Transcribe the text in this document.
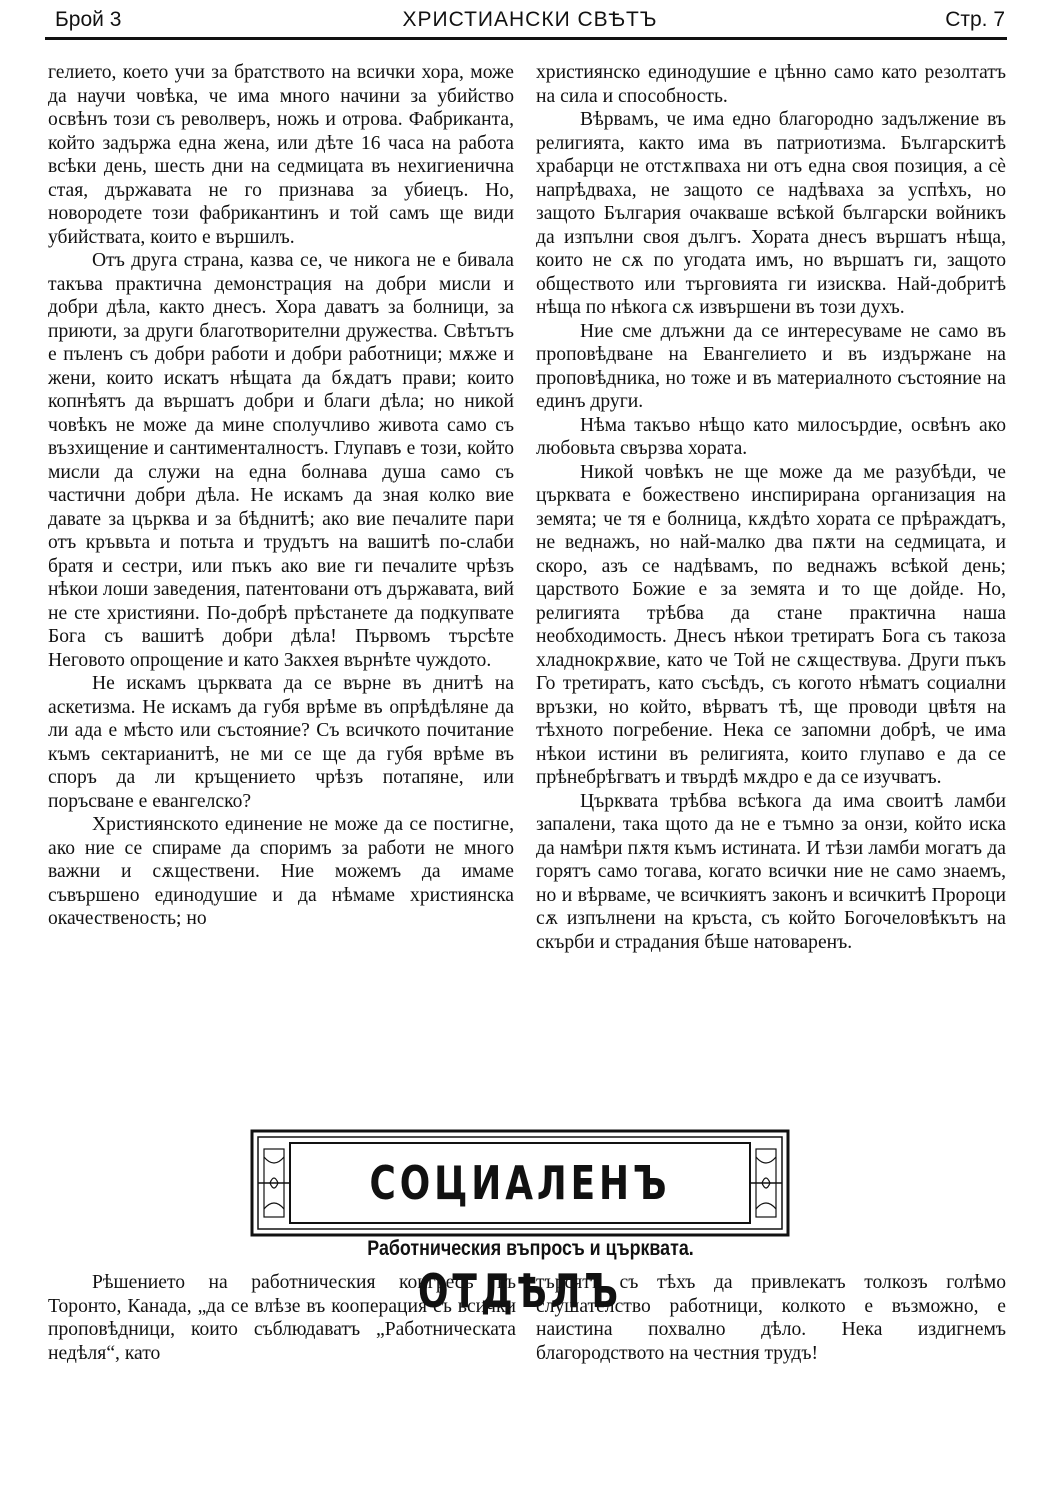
Брой 3	ХРИСТИАНСКИ СВѢТЪ	Стр. 7

гелието, което учи за братството на всички хора, може да научи човѣка, че има много начини за убийство освѣнъ този съ револверъ, ножь и отрова. Фабриканта, който задържа една жена, или дѣте 16 часа на работа всѣки день, шесть дни на седмицата въ нехигиенична стая, държавата не го признава за убиецъ. Но, новородете този фабрикантинъ и той самъ ще види убийствата, които е вършилъ.

Отъ друга страна, казва се, че никога не е бивала такъва практична демонстрация на добри мисли и добри дѣла, както днесъ. Хора даватъ за болници, за приюти, за други благотворителни дружества. Свѣтътъ е пъленъ съ добри работи и добри работници; мѫже и жени, които искатъ нѣщата да бѫдатъ прави; които копнѣятъ да вършатъ добри и благи дѣла; но никой човѣкъ не може да мине сполучливо живота само съ възхищение и сантименталностъ. Глупавъ е този, който мисли да служи на една болнава душа само съ частични добри дѣла. Не искамъ да зная колко вие давате за църква и за бѣднитѣ; ако вие печалите пари отъ кръвьта и потьта и трудътъ на вашитѣ по-слаби братя и сестри, или пъкъ ако вие ги печалите чрѣзъ нѣкои лоши заведения, патентовани отъ държавата, вий не сте християни. По-добрѣ прѣстанете да подкупвате Бога съ вашитѣ добри дѣла! Първомъ търсѣте Неговото опрощение и като Закхея върнѣте чуждото.

Не искамъ църквата да се върне въ днитѣ на аскетизма. Не искамъ да губя врѣме въ опрѣдѣляне да ли ада е мѣсто или състояние? Съ всичкото почитание къмъ сектарианитѣ, не ми се ще да губя врѣме въ споръ да ли кръщението чрѣзъ потапяне, или поръсване е евангелско?

Християнското единение не може да се постигне, ако ние се спираме да споримъ за работи не много важни и сѫществени. Ние можемъ да имаме съвършено единодушие и да нѣмаме християнска окачественость; но

християнско единодушие е цѣнно само като резолтатъ на сила и способность.

Вѣрвамъ, че има едно благородно задължение въ религията, както има въ патриотизма. Българскитѣ храбарци не отстѫпваха ни отъ една своя позиция, а сѐ напрѣдваха, не защото се надѣваха за успѣхъ, но защото България очакваше всѣкой български войникъ да изпълни своя дългъ. Хората днесъ вършатъ нѣща, които не сѫ по угодата имъ, но вършатъ ги, защото обществото или търговията ги изисква. Най-добритѣ нѣща по нѣкога сѫ извършени въ този духъ.

Ние сме длъжни да се интересуваме не само въ проповѣдване на Евангелието и въ издържане на проповѣдника, но тоже и въ материалното състояние на единъ други.

Нѣма такъво нѣщо като милосърдие, освѣнъ ако любовьта свързва хората.

Никой човѣкъ не ще може да ме разубѣди, че църквата е божествено инспирирана организация на земята; че тя е болница, кѫдѣто хората се прѣраждатъ, не веднажъ, но най-малко два пѫти на седмицата, и скоро, азъ се надѣвамъ, по веднажъ всѣкой день; царството Божие е за земята и то ще дойде. Но, религията трѣбва да стане практична наша необходимость. Днесъ нѣкои третиратъ Бога съ такоза хладнокрѫвие, като че Той не сѫществува. Други пъкъ Го третиратъ, като съсѣдъ, съ когото нѣматъ социални връзки, но който, вѣрватъ тѣ, ще проводи цвѣтя на тѣхното погребение. Нека се запомни добрѣ, че има нѣкои истини въ религията, които глупаво е да се прѣнебрѣгватъ и твърдѣ мѫдро е да се изучватъ.

Църквата трѣбва всѣкога да има своитѣ ламби запалени, така щото да не е тъмно за онзи, който иска да намѣри пѫтя къмъ истината. И тѣзи ламби могатъ да горятъ само тогава, когато всички ние не само знаемъ, но и вѣрваме, че всичкиятъ законъ и всичкитѣ Пророци сѫ изпълнени на кръста, съ който Богочеловѣкътъ на скърби и страдания бѣше натоваренъ.

СОЦИАЛЕНЪ ОТДѢЛЪ
Работническия въпросъ и църквата.

Рѣшението на работническия конгресъ въ Торонто, Канада, „да се влѣзе въ кооперация съ всички проповѣдници, които съблюдаватъ „Работническата недѣля“, като

търсятъ съ тѣхъ да привлекатъ толкозъ голѣмо слушателство работници, колкото е възможно, е наистина похвално дѣло. Нека издигнемъ благородството на честния трудъ!
